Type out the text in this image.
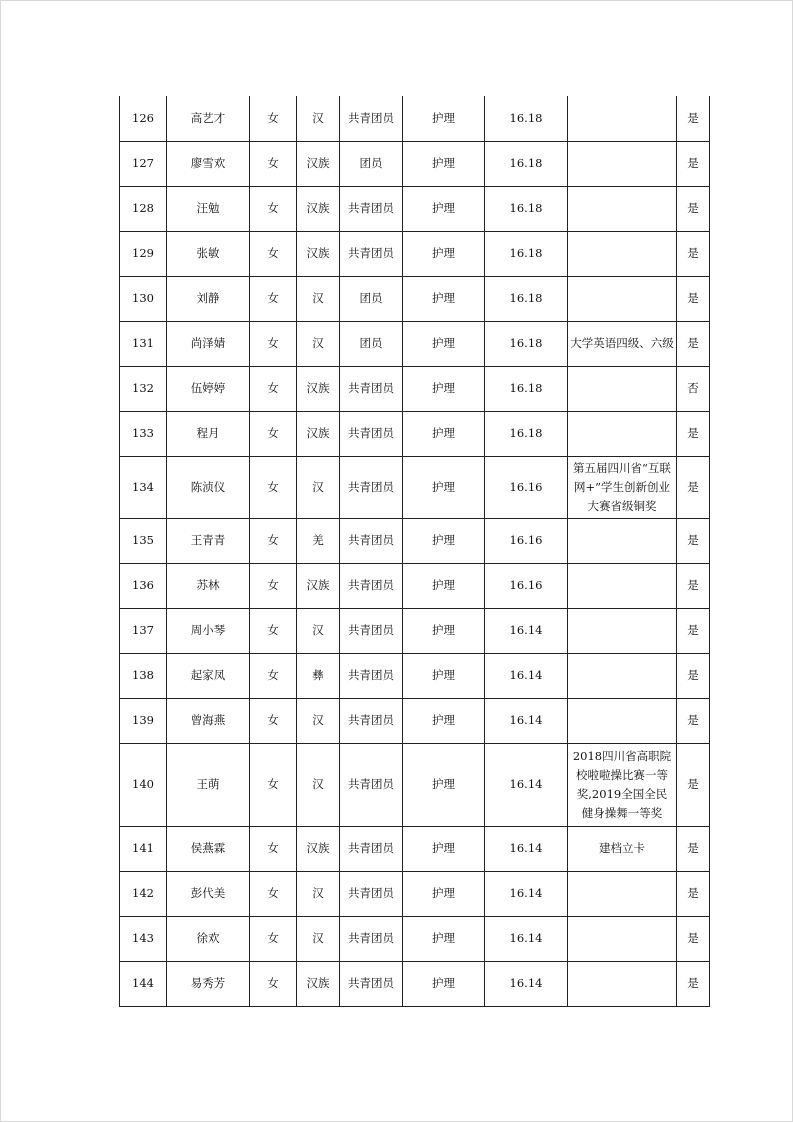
126	高艺才	女	汉	共青团员	护理	16.18		是
127	廖雪欢	女	汉族	团员	护理	16.18		是
128	汪勉	女	汉族	共青团员	护理	16.18		是
129	张敏	女	汉族	共青团员	护理	16.18		是
130	刘静	女	汉	团员	护理	16.18		是
131	尚泽婧	女	汉	团员	护理	16.18	大学英语四级、六级	是
132	伍婷婷	女	汉族	共青团员	护理	16.18		否
133	程月	女	汉族	共青团员	护理	16.18		是
134	陈浈仪	女	汉	共青团员	护理	16.16	第五届四川省“互联网+”学生创新创业大赛省级铜奖	是
135	王青青	女	羌	共青团员	护理	16.16		是
136	苏林	女	汉族	共青团员	护理	16.16		是
137	周小琴	女	汉	共青团员	护理	16.14		是
138	起家凤	女	彝	共青团员	护理	16.14		是
139	曾海燕	女	汉	共青团员	护理	16.14		是
140	王萌	女	汉	共青团员	护理	16.14	2018四川省高职院校啦啦操比赛一等奖,2019全国全民健身操舞一等奖	是
141	侯燕霖	女	汉族	共青团员	护理	16.14	建档立卡	是
142	彭代美	女	汉	共青团员	护理	16.14		是
143	徐欢	女	汉	共青团员	护理	16.14		是
144	易秀芳	女	汉族	共青团员	护理	16.14		是
